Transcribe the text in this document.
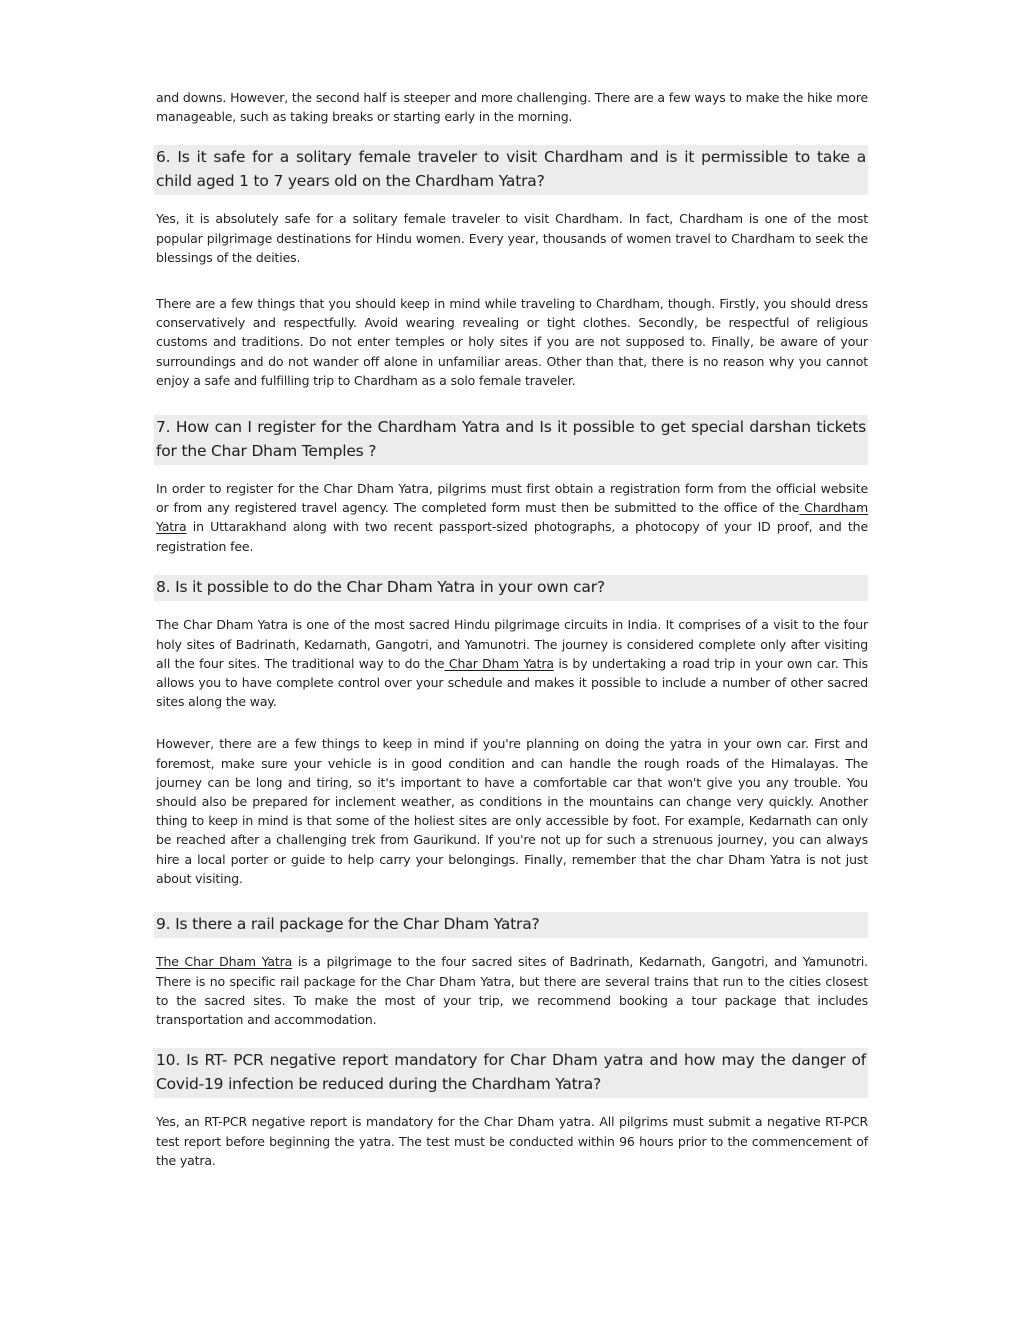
and downs. However, the second half is steeper and more challenging. There are a few ways to make the hike more manageable, such as taking breaks or starting early in the morning.

6. Is it safe for a solitary female traveler to visit Chardham and is it permissible to take a child aged 1 to 7 years old on the Chardham Yatra?

Yes, it is absolutely safe for a solitary female traveler to visit Chardham. In fact, Chardham is one of the most popular pilgrimage destinations for Hindu women. Every year, thousands of women travel to Chardham to seek the blessings of the deities.

There are a few things that you should keep in mind while traveling to Chardham, though. Firstly, you should dress conservatively and respectfully. Avoid wearing revealing or tight clothes. Secondly, be respectful of religious customs and traditions. Do not enter temples or holy sites if you are not supposed to. Finally, be aware of your surroundings and do not wander off alone in unfamiliar areas. Other than that, there is no reason why you cannot enjoy a safe and fulfilling trip to Chardham as a solo female traveler.

7. How can I register for the Chardham Yatra and Is it possible to get special darshan tickets for the Char Dham Temples ?

In order to register for the Char Dham Yatra, pilgrims must first obtain a registration form from the official website or from any registered travel agency. The completed form must then be submitted to the office of the Chardham Yatra in Uttarakhand along with two recent passport-sized photographs, a photocopy of your ID proof, and the registration fee.

8. Is it possible to do the Char Dham Yatra in your own car?

The Char Dham Yatra is one of the most sacred Hindu pilgrimage circuits in India. It comprises of a visit to the four holy sites of Badrinath, Kedarnath, Gangotri, and Yamunotri. The journey is considered complete only after visiting all the four sites. The traditional way to do the Char Dham Yatra is by undertaking a road trip in your own car. This allows you to have complete control over your schedule and makes it possible to include a number of other sacred sites along the way.

However, there are a few things to keep in mind if you're planning on doing the yatra in your own car. First and foremost, make sure your vehicle is in good condition and can handle the rough roads of the Himalayas. The journey can be long and tiring, so it's important to have a comfortable car that won't give you any trouble. You should also be prepared for inclement weather, as conditions in the mountains can change very quickly. Another thing to keep in mind is that some of the holiest sites are only accessible by foot. For example, Kedarnath can only be reached after a challenging trek from Gaurikund. If you're not up for such a strenuous journey, you can always hire a local porter or guide to help carry your belongings. Finally, remember that the char Dham Yatra is not just about visiting.

9. Is there a rail package for the Char Dham Yatra?

The Char Dham Yatra is a pilgrimage to the four sacred sites of Badrinath, Kedarnath, Gangotri, and Yamunotri. There is no specific rail package for the Char Dham Yatra, but there are several trains that run to the cities closest to the sacred sites. To make the most of your trip, we recommend booking a tour package that includes transportation and accommodation.

10. Is RT- PCR negative report mandatory for Char Dham yatra and how may the danger of Covid-19 infection be reduced during the Chardham Yatra?

Yes, an RT-PCR negative report is mandatory for the Char Dham yatra. All pilgrims must submit a negative RT-PCR test report before beginning the yatra. The test must be conducted within 96 hours prior to the commencement of the yatra.
